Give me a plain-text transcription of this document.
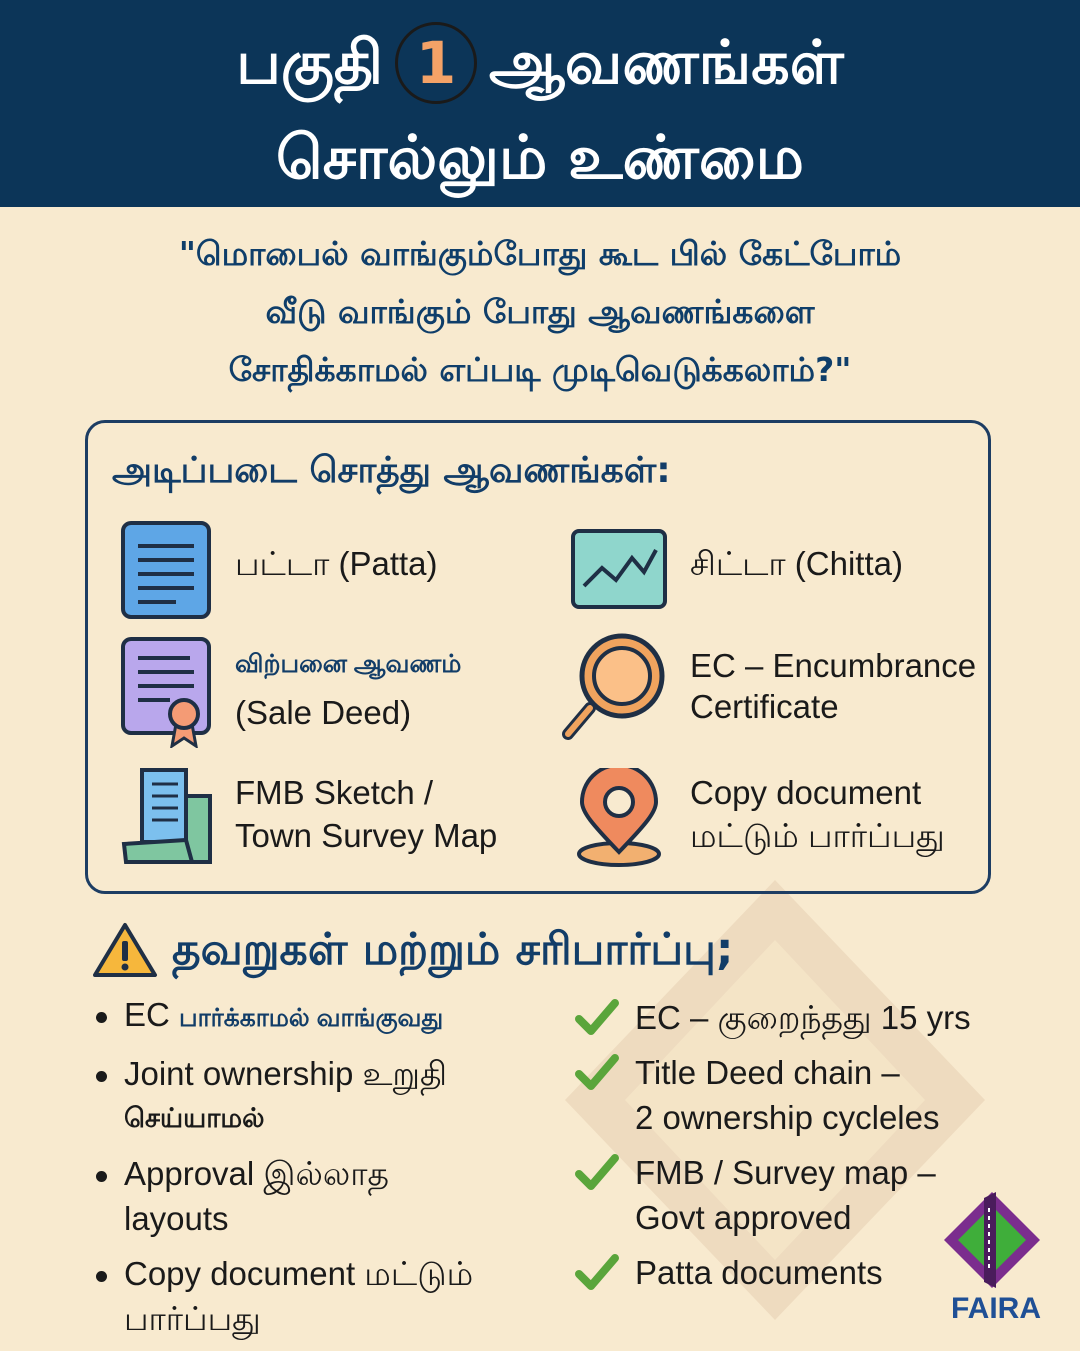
பகுதி 1 ஆவணங்கள்
சொல்லும் உண்மை
"மொபைல் வாங்கும்போது கூட பில் கேட்போம்
வீடு வாங்கும் போது ஆவணங்களை
சோதிக்காமல் எப்படி முடிவெடுக்கலாம்?"
அடிப்படை சொத்து ஆவணங்கள்:
பட்டா (Patta)	சிட்டா (Chitta)
விற்பனை ஆவணம்
(Sale Deed)
EC – Encumbrance
Certificate
FMB Sketch /
Town Survey Map
Copy document
மட்டும் பார்ப்பது
தவறுகள் மற்றும் சரிபார்ப்பு;
EC பார்க்காமல் வாங்குவது
Joint ownership உறுதி
செய்யாமல்
Approval இல்லாத
layouts
Copy document மட்டும்
பார்ப்பது
EC – குறைந்தது 15 yrs
Title Deed chain –
2 ownership cycleles
FMB / Survey map –
Govt approved
Patta documents
FAIRA
